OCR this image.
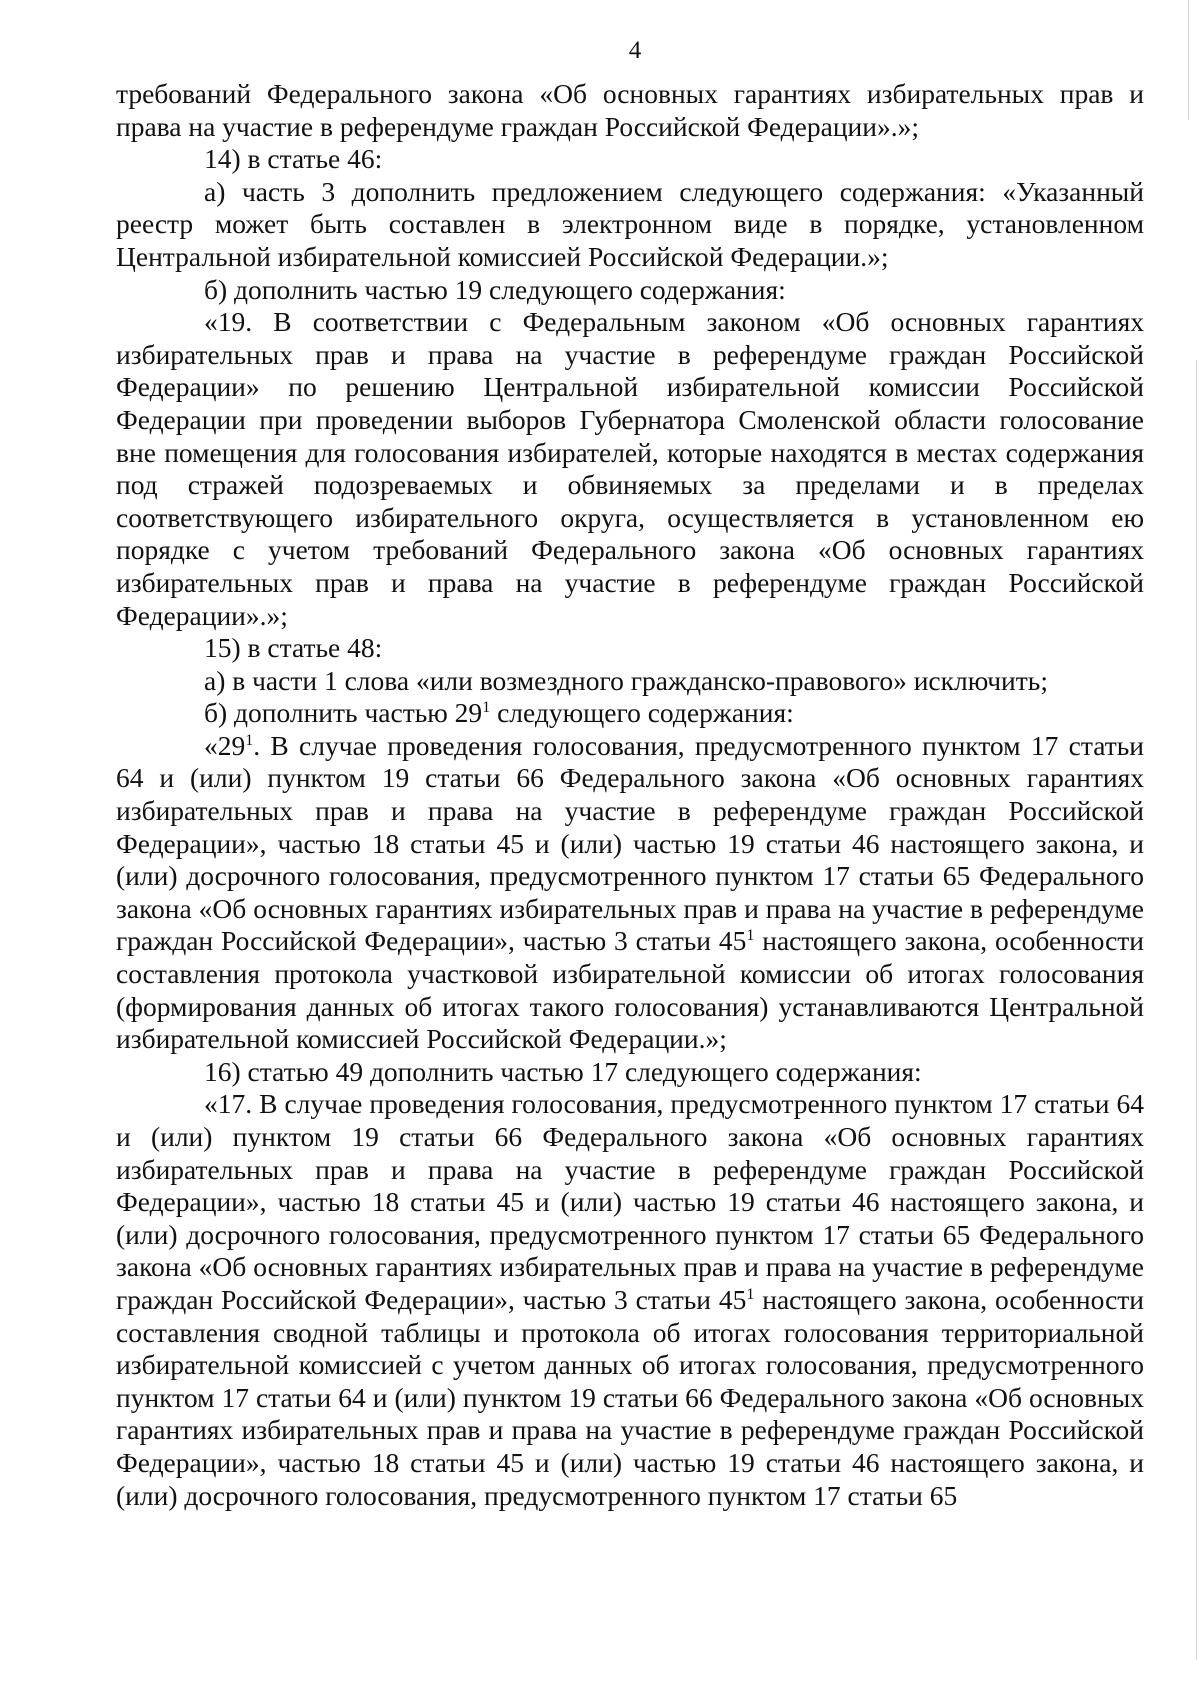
4

требований Федерального закона «Об основных гарантиях избирательных прав и права на участие в референдуме граждан Российской Федерации».»;

14) в статье 46:

а) часть 3 дополнить предложением следующего содержания: «Указанный реестр может быть составлен в электронном виде в порядке, установленном Центральной избирательной комиссией Российской Федерации.»;

б) дополнить частью 19 следующего содержания:

«19. В соответствии с Федеральным законом «Об основных гарантиях избирательных прав и права на участие в референдуме граждан Российской Федерации» по решению Центральной избирательной комиссии Российской Федерации при проведении выборов Губернатора Смоленской области голосование вне помещения для голосования избирателей, которые находятся в местах содержания под стражей подозреваемых и обвиняемых за пределами и в пределах соответствующего избирательного округа, осуществляется в установленном ею порядке с учетом требований Федерального закона «Об основных гарантиях избирательных прав и права на участие в референдуме граждан Российской Федерации».»;

15) в статье 48:

а) в части 1 слова «или возмездного гражданско-правового» исключить;

б) дополнить частью $29^1$ следующего содержания:

«$29^1$. В случае проведения голосования, предусмотренного пунктом 17 статьи 64 и (или) пунктом 19 статьи 66 Федерального закона «Об основных гарантиях избирательных прав и права на участие в референдуме граждан Российской Федерации», частью 18 статьи 45 и (или) частью 19 статьи 46 настоящего закона, и (или) досрочного голосования, предусмотренного пунктом 17 статьи 65 Федерального закона «Об основных гарантиях избирательных прав и права на участие в референдуме граждан Российской Федерации», частью 3 статьи $45^1$ настоящего закона, особенности составления протокола участковой избирательной комиссии об итогах голосования (формирования данных об итогах такого голосования) устанавливаются Центральной избирательной комиссией Российской Федерации.»;

16) статью 49 дополнить частью 17 следующего содержания:

«17. В случае проведения голосования, предусмотренного пунктом 17 статьи 64 и (или) пунктом 19 статьи 66 Федерального закона «Об основных гарантиях избирательных прав и права на участие в референдуме граждан Российской Федерации», частью 18 статьи 45 и (или) частью 19 статьи 46 настоящего закона, и (или) досрочного голосования, предусмотренного пунктом 17 статьи 65 Федерального закона «Об основных гарантиях избирательных прав и права на участие в референдуме граждан Российской Федерации», частью 3 статьи $45^1$ настоящего закона, особенности составления сводной таблицы и протокола об итогах голосования территориальной избирательной комиссией с учетом данных об итогах голосования, предусмотренного пунктом 17 статьи 64 и (или) пунктом 19 статьи 66 Федерального закона «Об основных гарантиях избирательных прав и права на участие в референдуме граждан Российской Федерации», частью 18 статьи 45 и (или) частью 19 статьи 46 настоящего закона, и (или) досрочного голосования, предусмотренного пунктом 17 статьи 65
